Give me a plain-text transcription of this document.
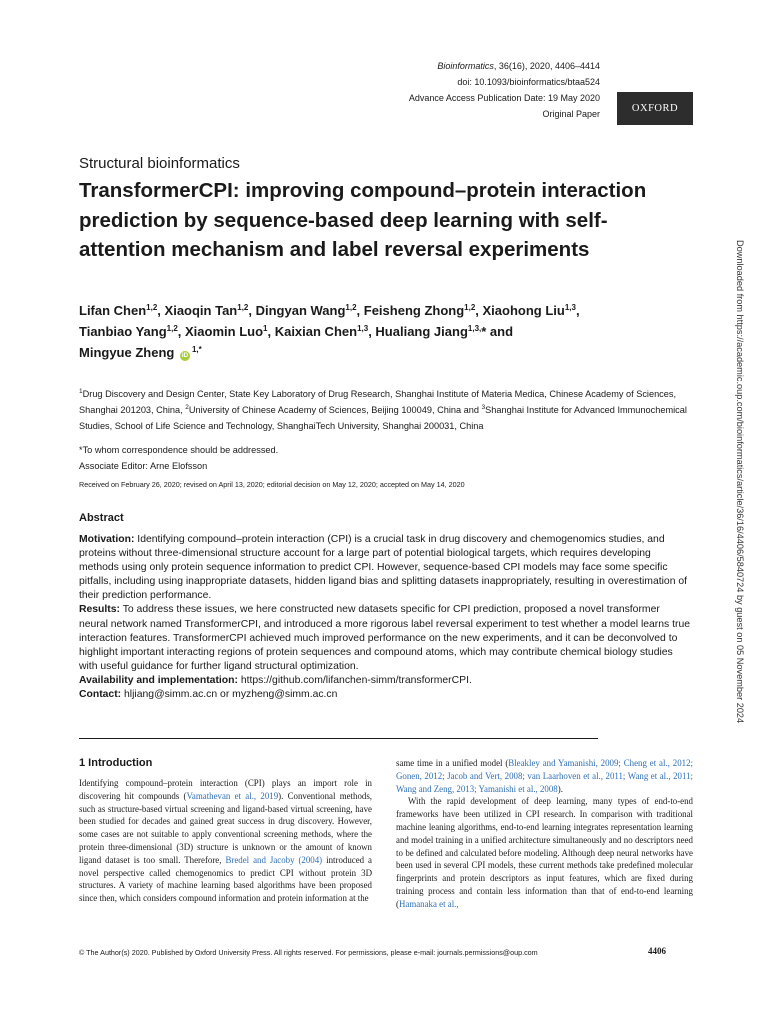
Bioinformatics, 36(16), 2020, 4406–4414
doi: 10.1093/bioinformatics/btaa524
Advance Access Publication Date: 19 May 2020
Original Paper	OXFORD
Structural bioinformatics
TransformerCPI: improving compound–protein interaction prediction by sequence-based deep learning with self-attention mechanism and label reversal experiments
Lifan Chen$^{1,2}$, Xiaoqin Tan$^{1,2}$, Dingyan Wang$^{1,2}$, Feisheng Zhong$^{1,2}$, Xiaohong Liu$^{1,3}$,
Tianbiao Yang$^{1,2}$, Xiaomin Luo$^1$, Kaixian Chen$^{1,3}$, Hualiang Jiang$^{1,3,}$* and
Mingyue Zheng $iD^{1,*}$
$^1$Drug Discovery and Design Center, State Key Laboratory of Drug Research, Shanghai Institute of Materia Medica, Chinese Academy of Sciences, Shanghai 201203, China, $^2$University of Chinese Academy of Sciences, Beijing 100049, China and $^3$Shanghai Institute for Advanced Immunochemical Studies, School of Life Science and Technology, ShanghaiTech University, Shanghai 200031, China
*To whom correspondence should be addressed.
Associate Editor: Arne Elofsson
Received on February 26, 2020; revised on April 13, 2020; editorial decision on May 12, 2020; accepted on May 14, 2020
Abstract

Motivation: Identifying compound–protein interaction (CPI) is a crucial task in drug discovery and chemogenomics studies, and proteins without three-dimensional structure account for a large part of potential biological targets, which requires developing methods using only protein sequence information to predict CPI. However, sequence-based CPI models may face some specific pitfalls, including using inappropriate datasets, hidden ligand bias and splitting datasets inappropriately, resulting in overestimation of their prediction performance.

Results: To address these issues, we here constructed new datasets specific for CPI prediction, proposed a novel transformer neural network named TransformerCPI, and introduced a more rigorous label reversal experiment to test whether a model learns true interaction features. TransformerCPI achieved much improved performance on the new experiments, and it can be deconvolved to highlight important interacting regions of protein sequences and compound atoms, which may contribute chemical biology studies with useful guidance for further ligand structural optimization.

Availability and implementation: https://github.com/lifanchen-simm/transformerCPI.

Contact: hljiang@simm.ac.cn or myzheng@simm.ac.cn

1 Introduction

Identifying compound–protein interaction (CPI) plays an import role in discovering hit compounds (Vamathevan et al., 2019). Conventional methods, such as structure-based virtual screening and ligand-based virtual screening, have been studied for decades and gained great success in drug discovery. However, some cases are not suitable to apply conventional screening methods, where the protein three-dimensional (3D) structure is unknown or the amount of known ligand dataset is too small. Therefore, Bredel and Jacoby (2004) introduced a novel perspective called chemogenomics to predict CPI without protein 3D structures. A variety of machine learning based algorithms have been proposed since then, which considers compound information and protein information at the

same time in a unified model (Bleakley and Yamanishi, 2009; Cheng et al., 2012; Gonen, 2012; Jacob and Vert, 2008; van Laarhoven et al., 2011; Wang et al., 2011; Wang and Zeng, 2013; Yamanishi et al., 2008).

With the rapid development of deep learning, many types of end-to-end frameworks have been utilized in CPI research. In comparison with traditional machine leaning algorithms, end-to-end learning integrates representation learning and model training in a unified architecture simultaneously and no descriptors need to be defined and calculated before modeling. Although deep neural networks have been used in several CPI models, these current methods take predefined molecular fingerprints and protein descriptors as input features, which are fixed during training process and contain less information than that of end-to-end learning (Hamanaka et al.,

© The Author(s) 2020. Published by Oxford University Press. All rights reserved. For permissions, please e-mail: journals.permissions@oup.com	4406
Downloaded from https://academic.oup.com/bioinformatics/article/36/16/4406/5840724 by guest on 05 November 2024
